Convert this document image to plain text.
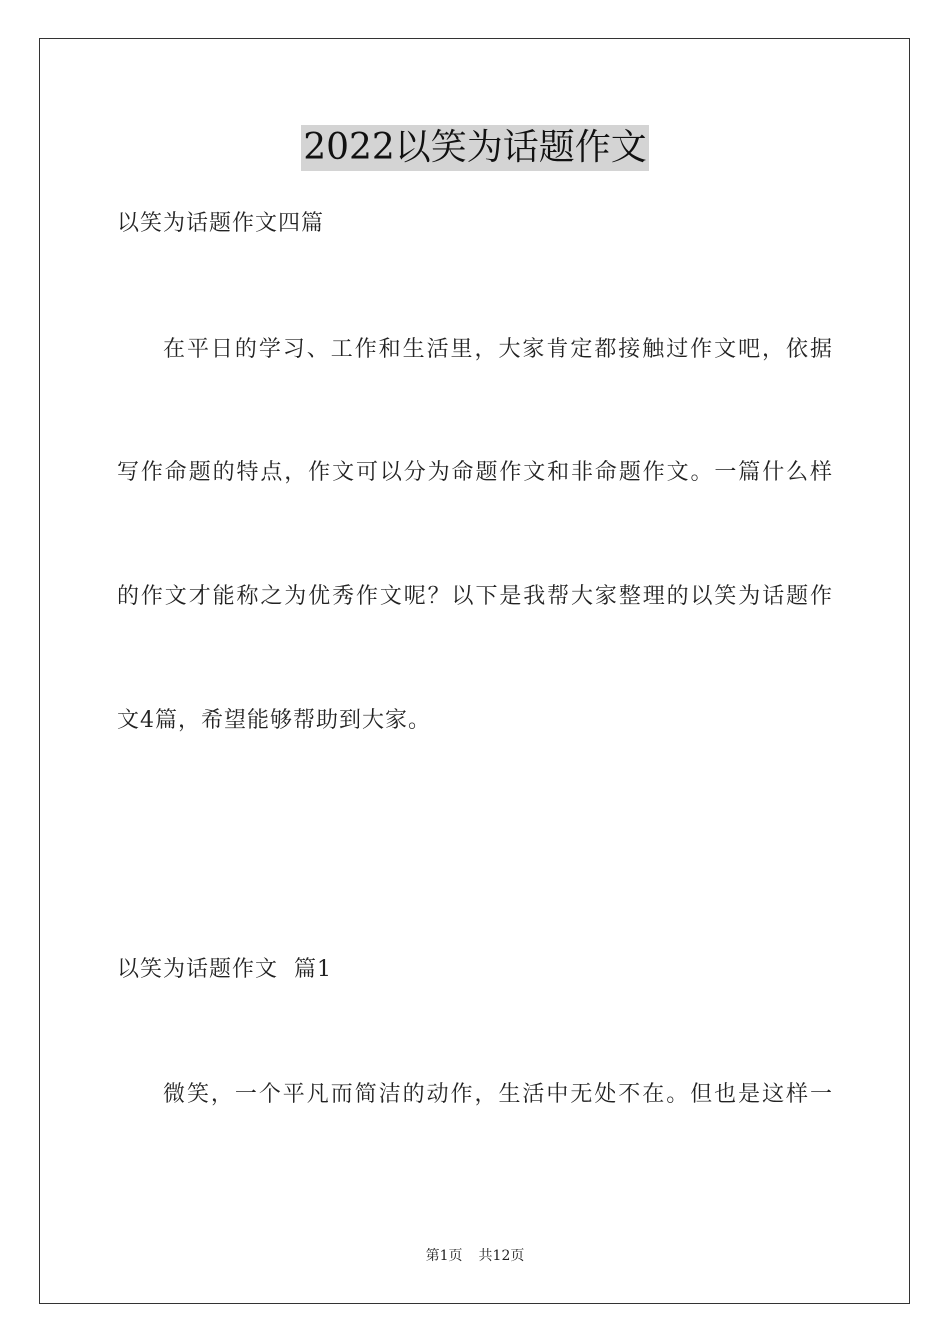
2022以笑为话题作文
以笑为话题作文四篇
在平日的学习、工作和生活里，大家肯定都接触过作文吧，依据
写作命题的特点，作文可以分为命题作文和非命题作文。一篇什么样
的作文才能称之为优秀作文呢？以下是我帮大家整理的以笑为话题作
文4篇，希望能够帮助到大家。
以笑为话题作文  篇1
微笑，一个平凡而简洁的动作，生活中无处不在。但也是这样一
第1页 共12页
